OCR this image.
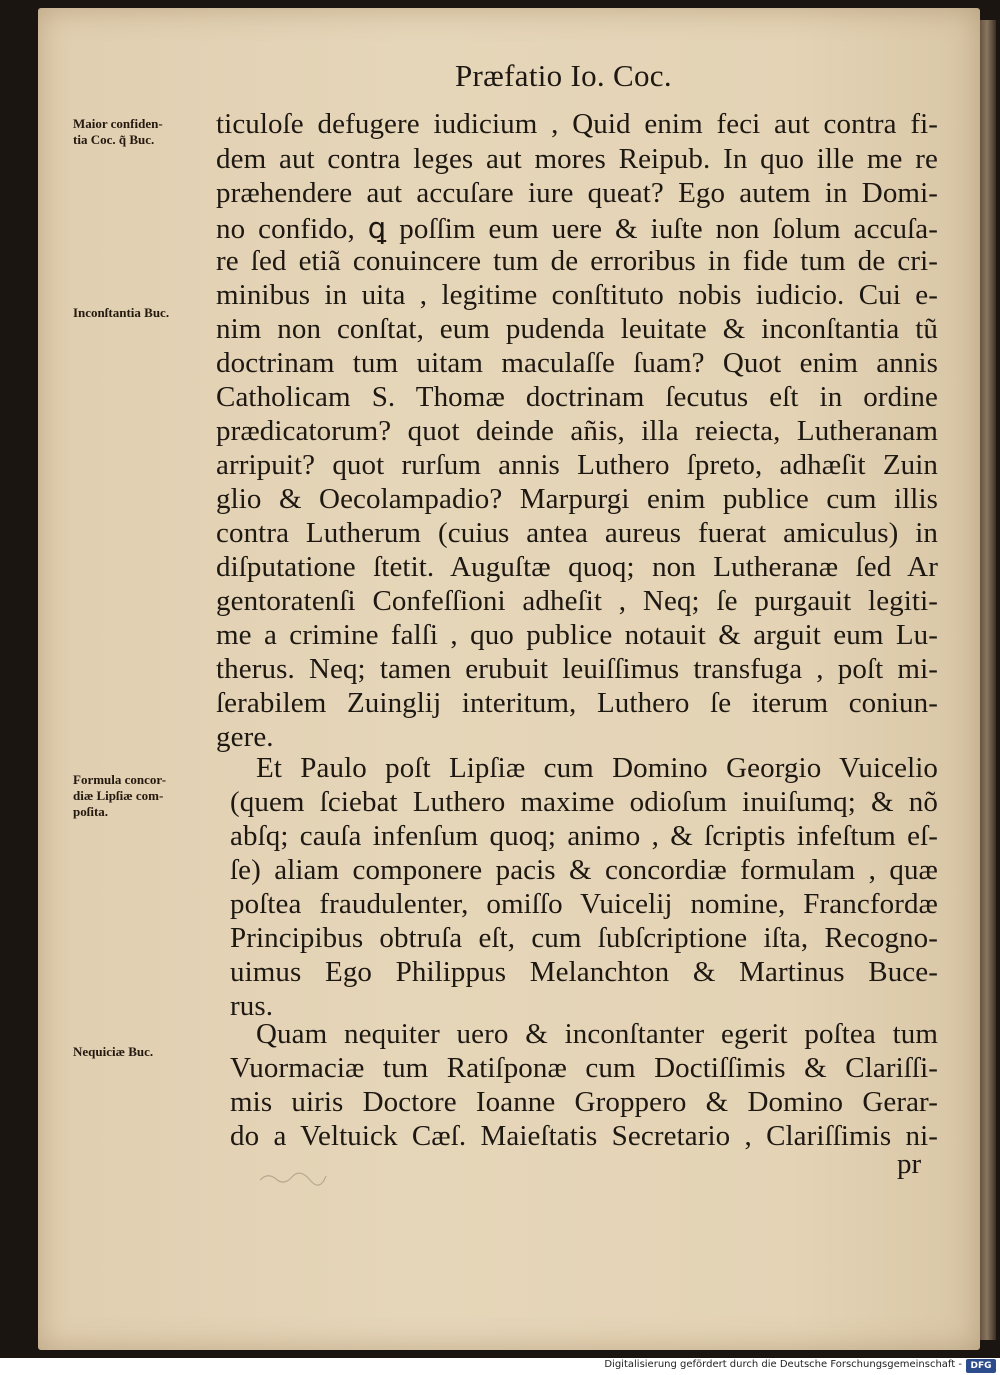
Præfatio Io. Coc.
Maior confiden-
tia Coc. q̃ Buc.
Inconſtantia Buc.
Formula concor-
diæ Lipſiæ com-
poſita.
Nequiciæ Buc.
ticuloſe defugere iudicium , Quid enim feci aut contra fi-
dem aut contra leges aut mores Reipub. In quo ille me re
præhendere aut accuſare iure queat? Ego autem in Domi-
no confido, ꝗ poſſim eum uere & iuſte non ſolum accuſa-
re ſed etiã conuincere tum de erroribus in fide tum de cri-
minibus in uita , legitime conſtituto nobis iudicio. Cui e-
nim non conſtat, eum pudenda leuitate & inconſtantia tũ
doctrinam tum uitam maculaſſe ſuam? Quot enim annis
Catholicam S. Thomæ doctrinam ſecutus eſt in ordine
prædicatorum? quot deinde añis, illa reiecta, Lutheranam
arripuit? quot rurſum annis Luthero ſpreto, adhæſit Zuin
glio & Oecolampadio? Marpurgi enim publice cum illis
contra Lutherum (cuius antea aureus fuerat amiculus) in
diſputatione ſtetit. Auguſtæ quoq; non Lutheranæ ſed Ar
gentoratenſi Confeſſioni adheſit , Neq; ſe purgauit legiti-
me a crimine falſi , quo publice notauit & arguit eum Lu-
therus. Neq; tamen erubuit leuiſſimus transfuga , poſt mi-
ſerabilem Zuinglij interitum, Luthero ſe iterum coniun-
gere.
Et Paulo poſt Lipſiæ cum Domino Georgio Vuicelio
(quem ſciebat Luthero maxime odioſum inuiſumq; & nõ
abſq; cauſa infenſum quoq; animo , & ſcriptis infeſtum eſ-
ſe) aliam componere pacis & concordiæ formulam , quæ
poſtea fraudulenter, omiſſo Vuicelij nomine, Francfordæ
Principibus obtruſa eſt, cum ſubſcriptione iſta, Recogno-
uimus Ego Philippus Melanchton & Martinus Buce-
rus.
Quam nequiter uero & inconſtanter egerit poſtea tum
Vuormaciæ tum Ratiſponæ cum Doctiſſimis & Clariſſi-
mis uiris Doctore Ioanne Groppero & Domino Gerar-
do a Veltuick Cæſ. Maieſtatis Secretario , Clariſſimis ni-
pr
Digitalisierung gefördert durch die Deutsche Forschungsgemeinschaft - DFG
